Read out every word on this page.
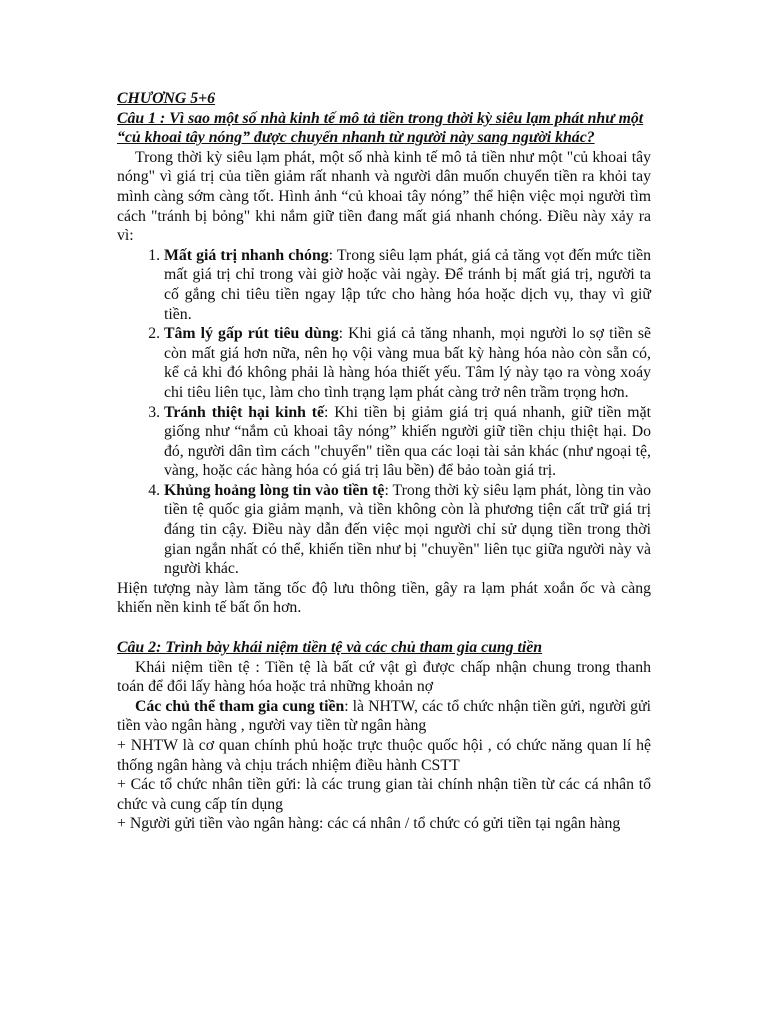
CHƯƠNG 5+6

Câu 1 : Vì sao một số nhà kinh tế mô tả tiền trong thời kỳ siêu lạm phát như một “củ khoai tây nóng” được chuyển nhanh từ người này sang người khác?

Trong thời kỳ siêu lạm phát, một số nhà kinh tế mô tả tiền như một "củ khoai tây nóng" vì giá trị của tiền giảm rất nhanh và người dân muốn chuyển tiền ra khỏi tay mình càng sớm càng tốt. Hình ảnh “củ khoai tây nóng” thể hiện việc mọi người tìm cách "tránh bị bỏng" khi nắm giữ tiền đang mất giá nhanh chóng. Điều này xảy ra vì:

1. Mất giá trị nhanh chóng: Trong siêu lạm phát, giá cả tăng vọt đến mức tiền mất giá trị chỉ trong vài giờ hoặc vài ngày. Để tránh bị mất giá trị, người ta cố gắng chi tiêu tiền ngay lập tức cho hàng hóa hoặc dịch vụ, thay vì giữ tiền.
2. Tâm lý gấp rút tiêu dùng: Khi giá cả tăng nhanh, mọi người lo sợ tiền sẽ còn mất giá hơn nữa, nên họ vội vàng mua bất kỳ hàng hóa nào còn sẵn có, kể cả khi đó không phải là hàng hóa thiết yếu. Tâm lý này tạo ra vòng xoáy chi tiêu liên tục, làm cho tình trạng lạm phát càng trở nên trầm trọng hơn.
3. Tránh thiệt hại kinh tế: Khi tiền bị giảm giá trị quá nhanh, giữ tiền mặt giống như “nắm củ khoai tây nóng” khiến người giữ tiền chịu thiệt hại. Do đó, người dân tìm cách "chuyển" tiền qua các loại tài sản khác (như ngoại tệ, vàng, hoặc các hàng hóa có giá trị lâu bền) để bảo toàn giá trị.
4. Khủng hoảng lòng tin vào tiền tệ: Trong thời kỳ siêu lạm phát, lòng tin vào tiền tệ quốc gia giảm mạnh, và tiền không còn là phương tiện cất trữ giá trị đáng tin cậy. Điều này dẫn đến việc mọi người chỉ sử dụng tiền trong thời gian ngắn nhất có thể, khiến tiền như bị "chuyền" liên tục giữa người này và người khác.

Hiện tượng này làm tăng tốc độ lưu thông tiền, gây ra lạm phát xoắn ốc và càng khiến nền kinh tế bất ổn hơn.

Câu 2: Trình bày khái niệm tiền tệ và các chủ tham gia cung tiền

Khái niệm tiền tệ : Tiền tệ là bất cứ vật gì được chấp nhận chung trong thanh toán để đổi lấy hàng hóa hoặc trả những khoản nợ

Các chủ thể tham gia cung tiền: là NHTW, các tổ chức nhận tiền gửi, người gửi tiền vào ngân hàng , người vay tiền từ ngân hàng

+ NHTW là cơ quan chính phủ hoặc trực thuộc quốc hội , có chức năng quan lí hệ thống ngân hàng và chịu trách nhiệm điều hành CSTT

+ Các tổ chức nhân tiền gửi: là các trung gian tài chính nhận tiền từ các cá nhân tổ chức và cung cấp tín dụng

+ Người gửi tiền vào ngân hàng: các cá nhân / tổ chức có gửi tiền tại ngân hàng
